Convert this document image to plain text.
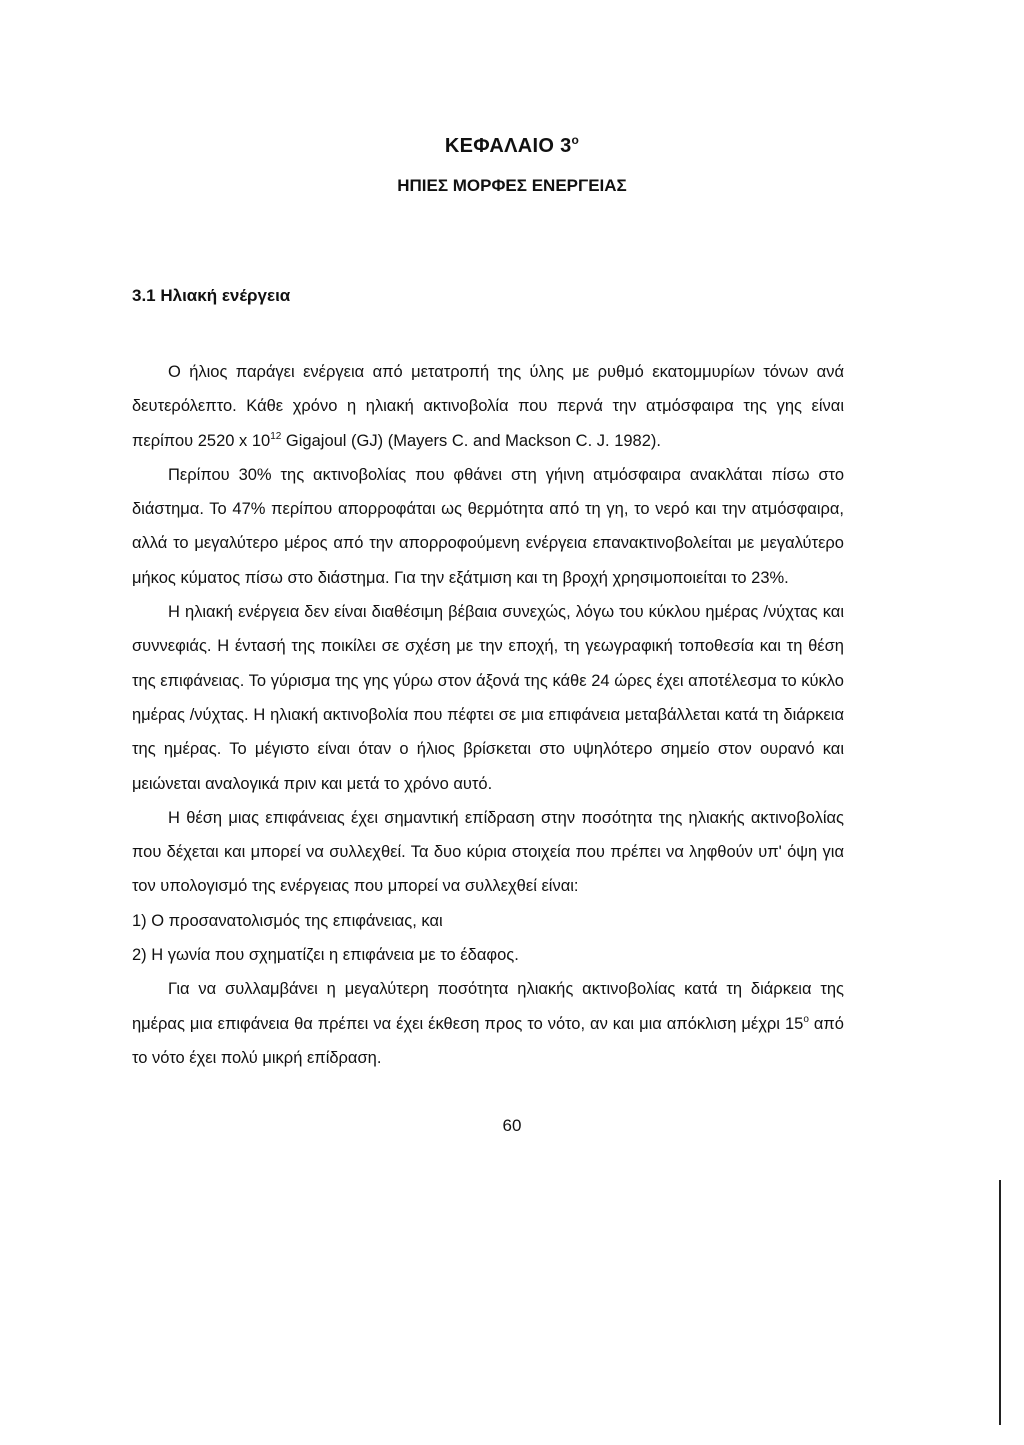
ΚΕΦΑΛΑΙΟ $3^o$
ΗΠΙΕΣ ΜΟΡΦΕΣ ΕΝΕΡΓΕΙΑΣ
3.1 Ηλιακή ενέργεια

Ο ήλιος παράγει ενέργεια από μετατροπή της ύλης με ρυθμό εκατομμυρίων τόνων ανά δευτερόλεπτο. Κάθε χρόνο η ηλιακή ακτινοβολία που περνά την ατμόσφαιρα της γης είναι περίπου 2520 x $10^{12}$ Gigajoul (GJ) (Mayers C. and Mackson C. J. 1982).

Περίπου 30% της ακτινοβολίας που φθάνει στη γήινη ατμόσφαιρα ανακλάται πίσω στο διάστημα. Το 47% περίπου απορροφάται ως θερμότητα από τη γη, το νερό και την ατμόσφαιρα, αλλά το μεγαλύτερο μέρος από την απορροφούμενη ενέργεια επανακτινοβολείται με μεγαλύτερο μήκος κύματος πίσω στο διάστημα. Για την εξάτμιση και τη βροχή χρησιμοποιείται το 23%.

Η ηλιακή ενέργεια δεν είναι διαθέσιμη βέβαια συνεχώς, λόγω του κύκλου ημέρας /νύχτας και συννεφιάς. Η έντασή της ποικίλει σε σχέση με την εποχή, τη γεωγραφική τοποθεσία και τη θέση της επιφάνειας. Το γύρισμα της γης γύρω στον άξονά της κάθε 24 ώρες έχει αποτέλεσμα το κύκλο ημέρας /νύχτας. Η ηλιακή ακτινοβολία που πέφτει σε μια επιφάνεια μεταβάλλεται κατά τη διάρκεια της ημέρας. Το μέγιστο είναι όταν ο ήλιος βρίσκεται στο υψηλότερο σημείο στον ουρανό και μειώνεται αναλογικά πριν και μετά το χρόνο αυτό.

Η θέση μιας επιφάνειας έχει σημαντική επίδραση στην ποσότητα της ηλιακής ακτινοβολίας που δέχεται και μπορεί να συλλεχθεί. Τα δυο κύρια στοιχεία που πρέπει να ληφθούν υπ' όψη για τον υπολογισμό της ενέργειας που μπορεί να συλλεχθεί είναι:

1) Ο προσανατολισμός της επιφάνειας, και

2) Η γωνία που σχηματίζει η επιφάνεια με το έδαφος.

Για να συλλαμβάνει η μεγαλύτερη ποσότητα ηλιακής ακτινοβολίας κατά τη διάρκεια της ημέρας μια επιφάνεια θα πρέπει να έχει έκθεση προς το νότο, αν και μια απόκλιση μέχρι $15^o$ από το νότο έχει πολύ μικρή επίδραση.

60
